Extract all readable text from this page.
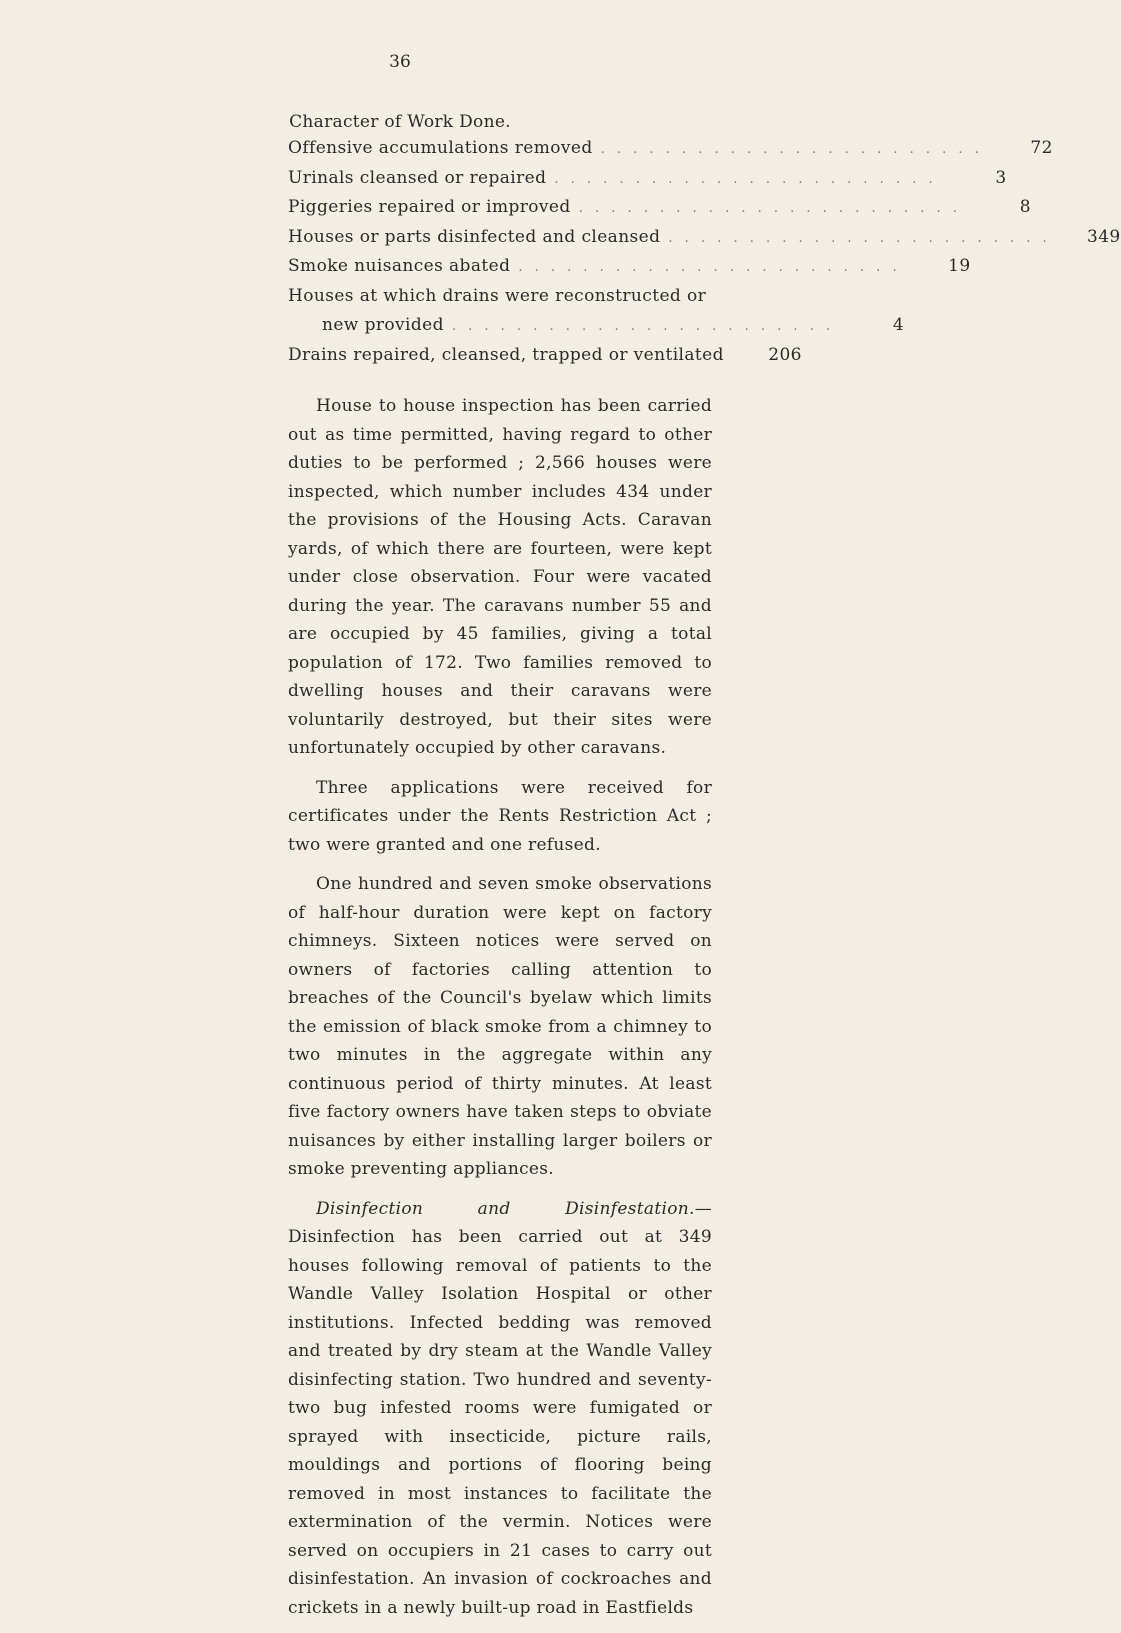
36
Character of Work Done.
Offensive accumulations removed . . . . . . . . . . . . . . . . . . . . . . . .	72
Urinals cleansed or repaired . . . . . . . . . . . . . . . . . . . . . . . .	3
Piggeries repaired or improved . . . . . . . . . . . . . . . . . . . . . . . .	8
Houses or parts disinfected and cleansed . . . . . . . . . . . . . . . . . . . . . . . .	349
Smoke nuisances abated . . . . . . . . . . . . . . . . . . . . . . . .	19
Houses at which drains were reconstructed or
new provided . . . . . . . . . . . . . . . . . . . . . . . .	4
Drains repaired, cleansed, trapped or ventilated	206

House to house inspection has been carried out as time permitted, having regard to other duties to be performed ; 2,566 houses were inspected, which number includes 434 under the provisions of the Housing Acts. Caravan yards, of which there are fourteen, were kept under close observation. Four were vacated during the year. The caravans number 55 and are occupied by 45 families, giving a total population of 172. Two families removed to dwelling houses and their caravans were voluntarily destroyed, but their sites were unfortunately occupied by other caravans.

Three applications were received for certificates under the Rents Restriction Act ; two were granted and one refused.

One hundred and seven smoke observations of half-hour duration were kept on factory chimneys. Sixteen notices were served on owners of factories calling attention to breaches of the Council's byelaw which limits the emission of black smoke from a chimney to two minutes in the aggregate within any continuous period of thirty minutes. At least five factory owners have taken steps to obviate nuisances by either installing larger boilers or smoke preventing appliances.

Disinfection and Disinfestation.—Disinfection has been carried out at 349 houses following removal of patients to the Wandle Valley Isolation Hospital or other institutions. Infected bedding was removed and treated by dry steam at the Wandle Valley disinfecting station. Two hundred and seventy-two bug infested rooms were fumigated or sprayed with insecticide, picture rails, mouldings and portions of flooring being removed in most instances to facilitate the extermination of the vermin. Notices were served on occupiers in 21 cases to carry out disinfestation. An invasion of cockroaches and crickets in a newly built-up road in Eastfields
